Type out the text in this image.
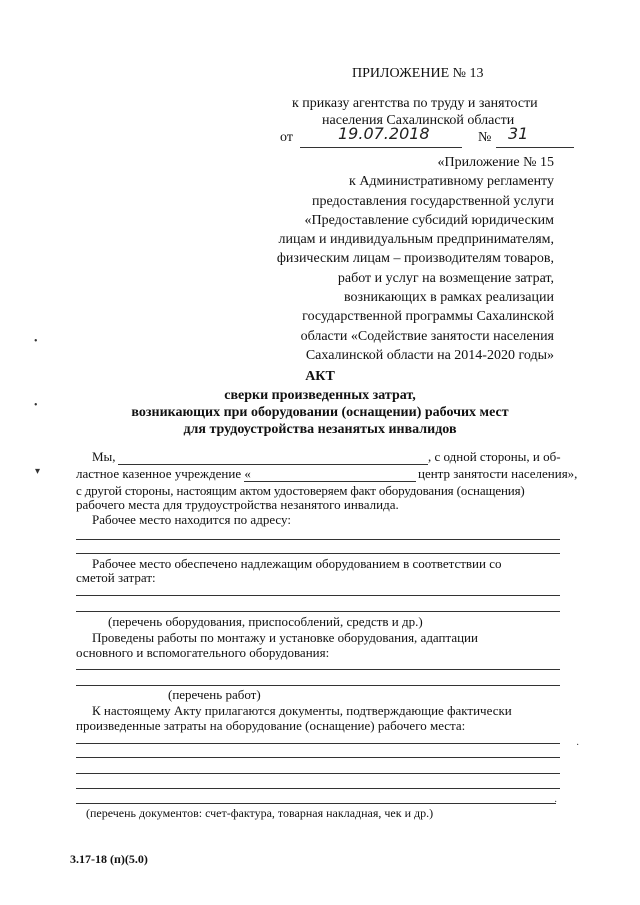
ПРИЛОЖЕНИЕ № 13
к приказу агентства по труду и занятости
населения Сахалинской области
от	19.07.2018	№ 31
«Приложение № 15
к Административному регламенту
предоставления государственной услуги
«Предоставление субсидий юридическим
лицам и индивидуальным предпринимателям,
физическим лицам – производителям товаров,
работ и услуг на возмещение затрат,
возникающих в рамках реализации
государственной программы Сахалинской
области «Содействие занятости населения
Сахалинской области на 2014-2020 годы»
АКТ
сверки произведенных затрат,
возникающих при оборудовании (оснащении) рабочих мест
для трудоустройства незанятых инвалидов
Мы,	, с одной стороны, и об-
ластное казенное учреждение «	центр занятости населения»,
с другой стороны, настоящим актом удостоверяем факт оборудования (оснащения)
рабочего места для трудоустройства незанятого инвалида.
Рабочее место находится по адресу:
Рабочее место обеспечено надлежащим оборудованием в соответствии со
сметой затрат:
(перечень оборудования, приспособлений, средств и др.)
Проведены работы по монтажу и установке оборудования, адаптации
основного и вспомогательного оборудования:
(перечень работ)
К настоящему Акту прилагаются документы, подтверждающие фактически
произведенные затраты на оборудование (оснащение) рабочего места:
(перечень документов: счет-фактура, товарная накладная, чек и др.)
3.17-18 (п)(5.0)
•
•
▾
·
·
